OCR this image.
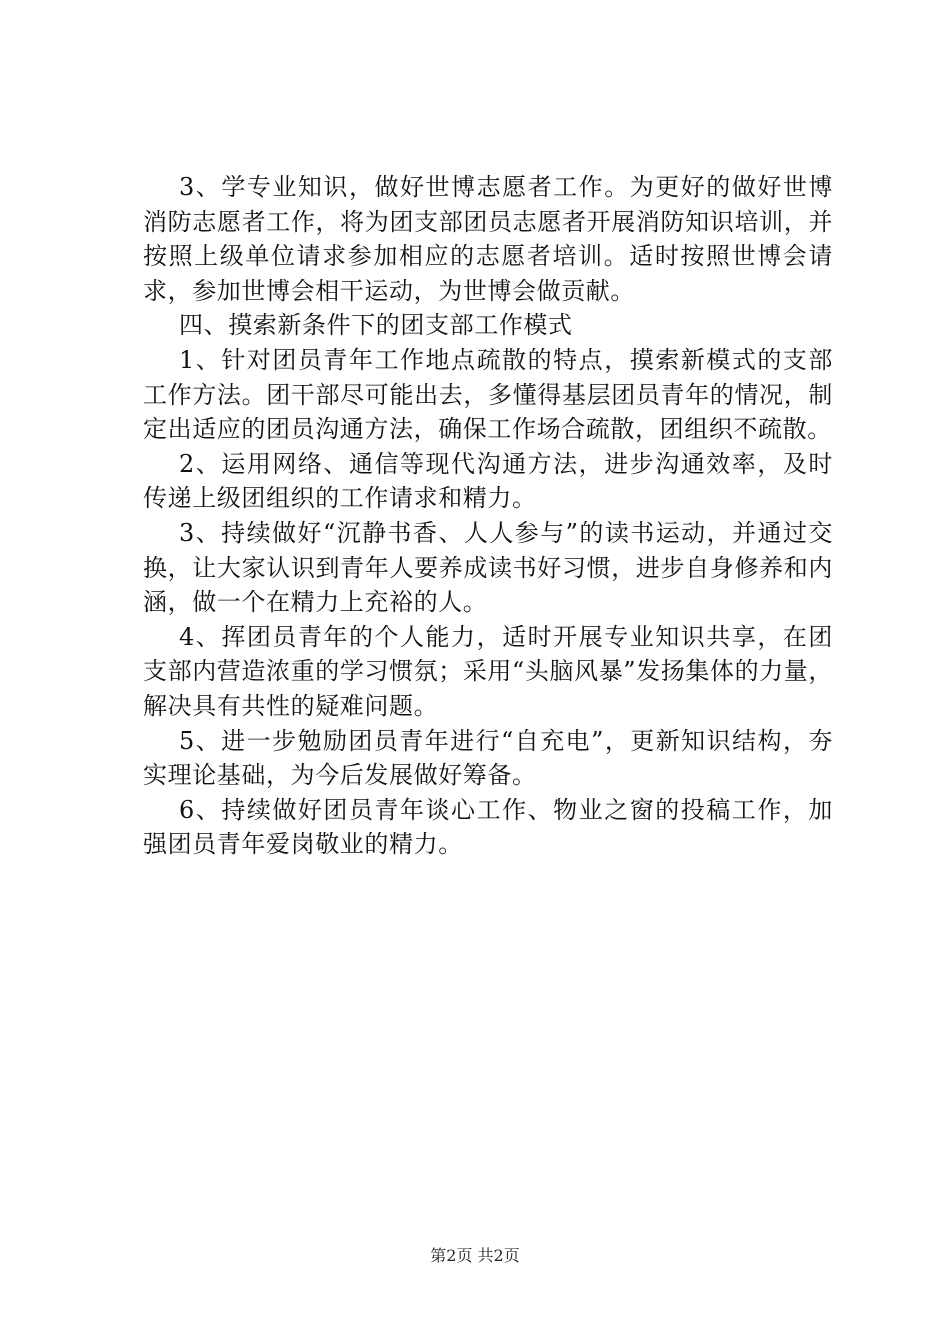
3、学专业知识，做好世博志愿者工作。为更好的做好世博消防志愿者工作，将为团支部团员志愿者开展消防知识培训，并按照上级单位请求参加相应的志愿者培训。适时按照世博会请求，参加世博会相干运动，为世博会做贡献。

四、摸索新条件下的团支部工作模式

1、针对团员青年工作地点疏散的特点，摸索新模式的支部工作方法。团干部尽可能出去，多懂得基层团员青年的情况，制定出适应的团员沟通方法，确保工作场合疏散，团组织不疏散。

2、运用网络、通信等现代沟通方法，进步沟通效率，及时传递上级团组织的工作请求和精力。

3、持续做好“沉静书香、人人参与”的读书运动，并通过交换，让大家认识到青年人要养成读书好习惯，进步自身修养和内涵，做一个在精力上充裕的人。

4、挥团员青年的个人能力，适时开展专业知识共享，在团支部内营造浓重的学习惯氛；采用“头脑风暴”发扬集体的力量，解决具有共性的疑难问题。

5、进一步勉励团员青年进行“自充电”，更新知识结构，夯实理论基础，为今后发展做好筹备。

6、持续做好团员青年谈心工作、物业之窗的投稿工作，加强团员青年爱岗敬业的精力。

第2页 共2页
